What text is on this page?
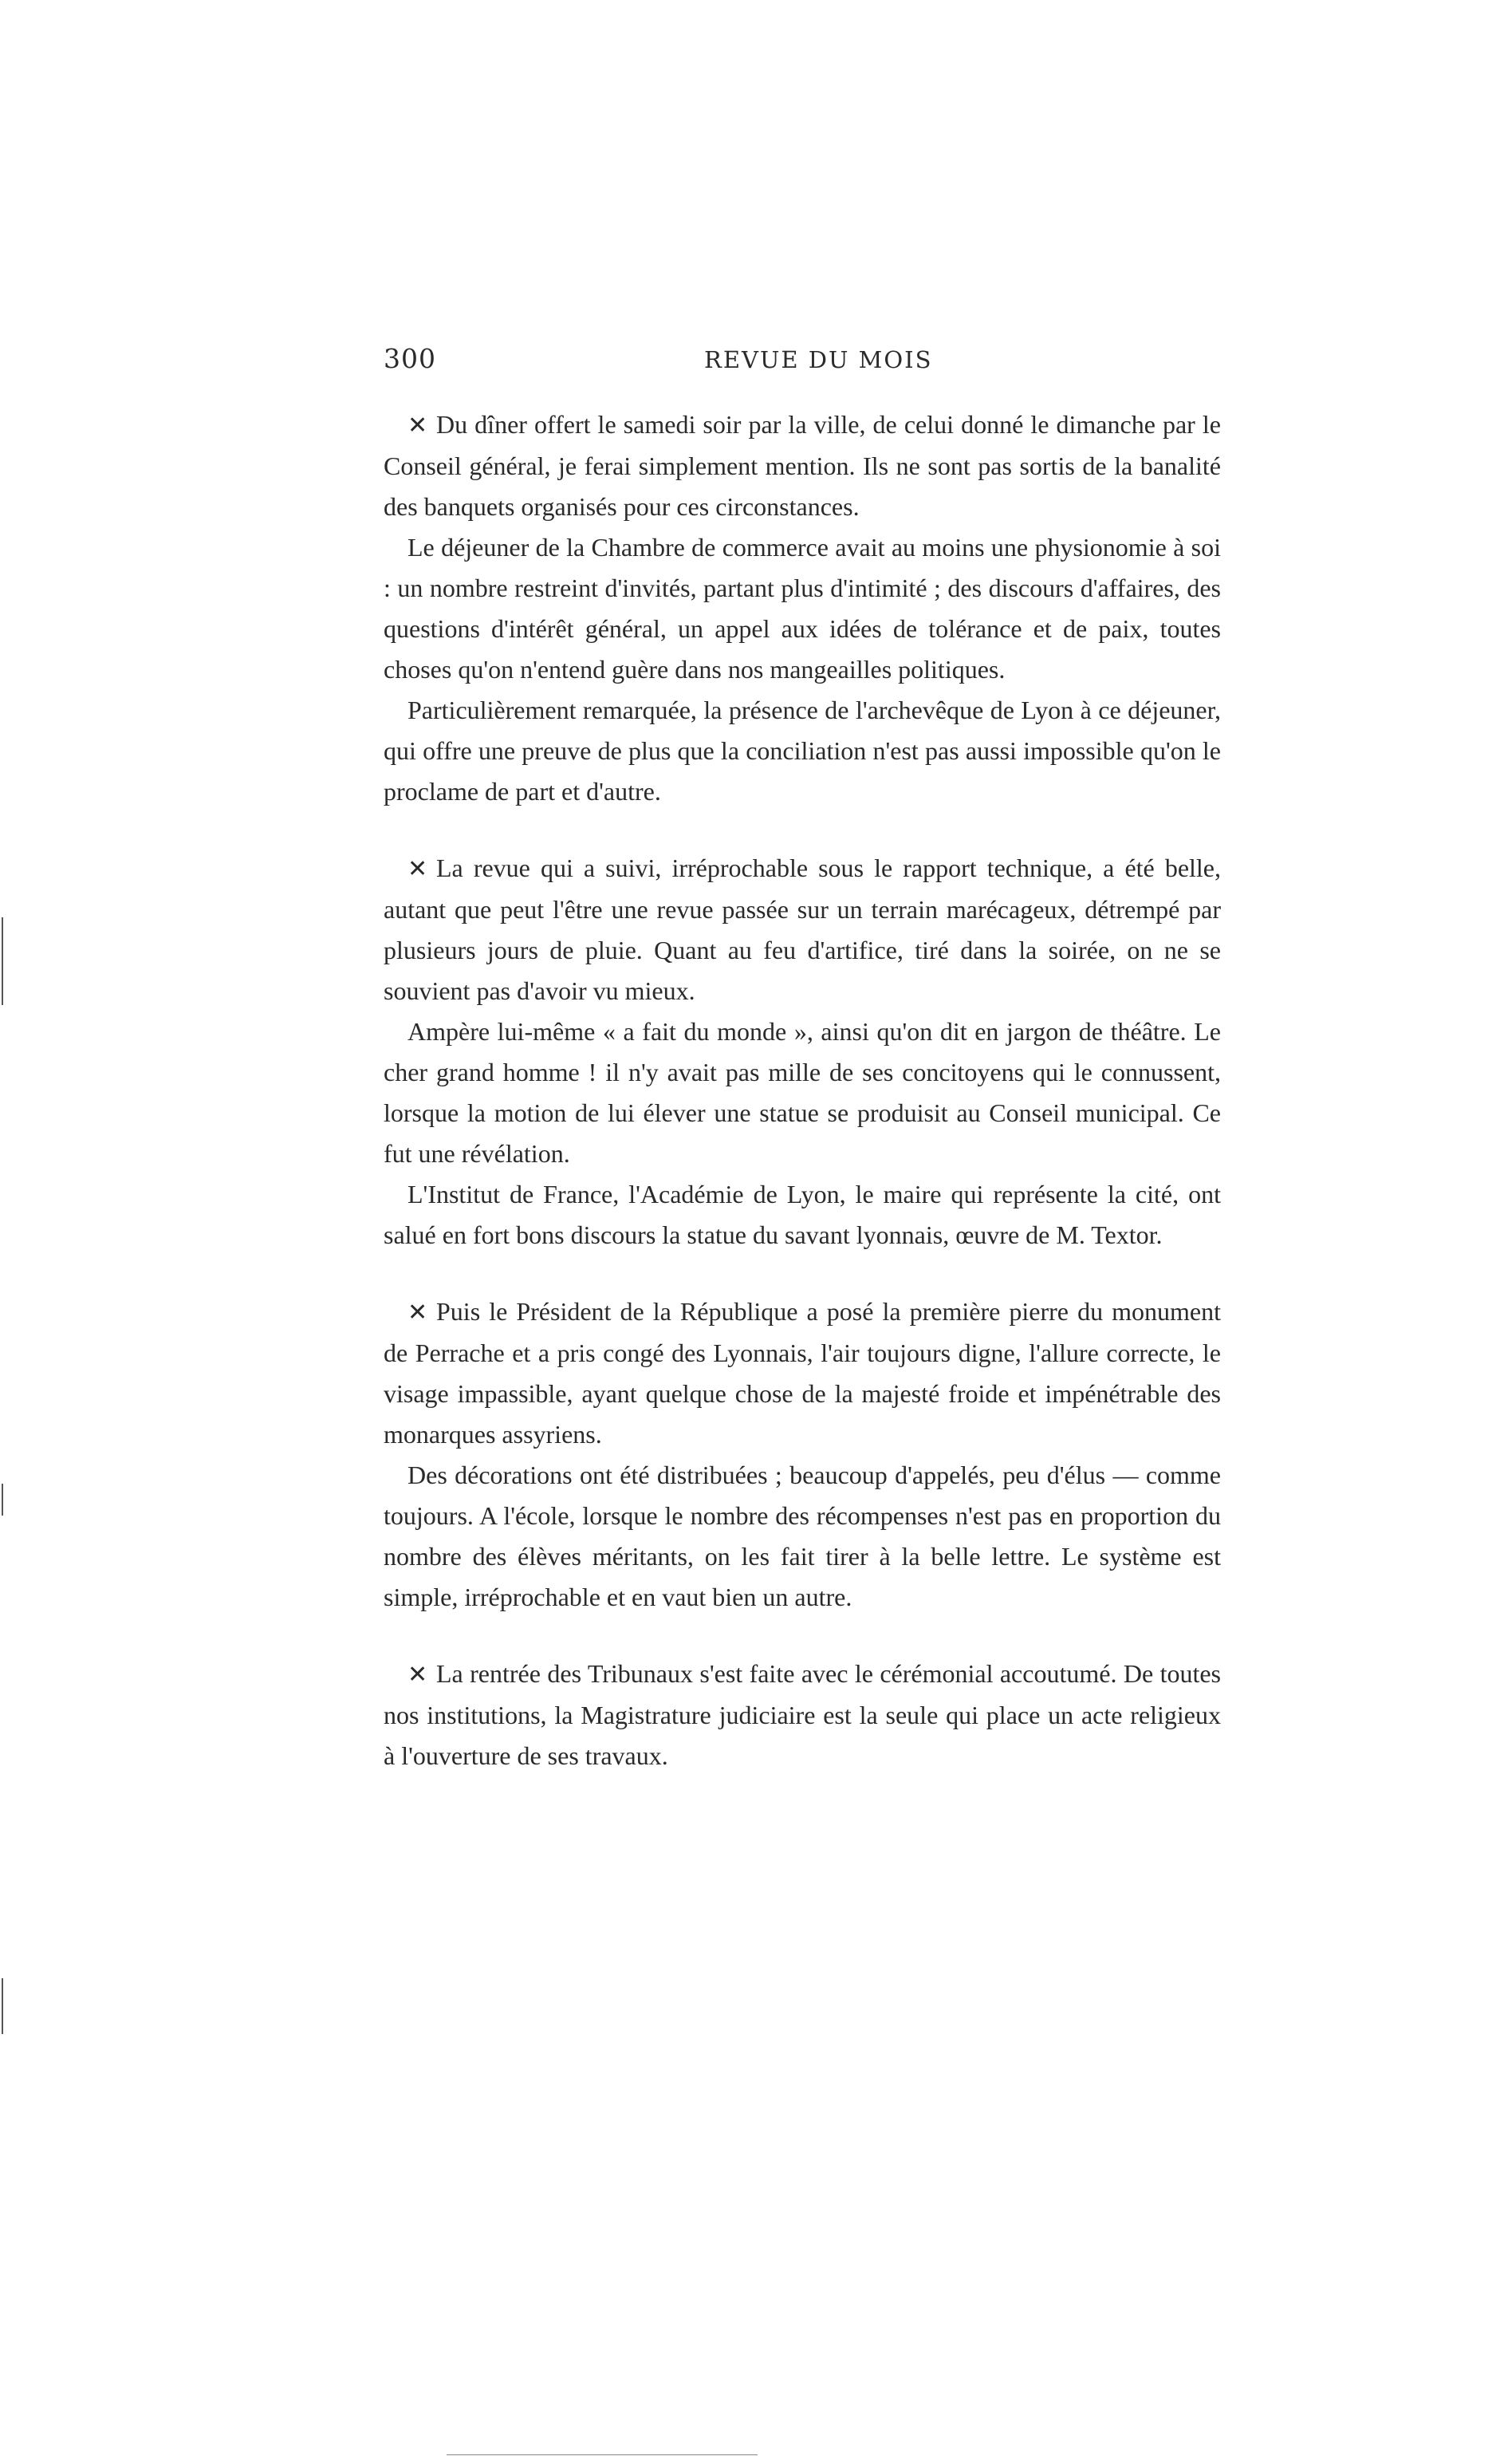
300	REVUE DU MOIS

✕ Du dîner offert le samedi soir par la ville, de celui donné le dimanche par le Conseil général, je ferai simplement mention. Ils ne sont pas sortis de la banalité des banquets organisés pour ces circonstances.

Le déjeuner de la Chambre de commerce avait au moins une physionomie à soi : un nombre restreint d'invités, partant plus d'intimité ; des discours d'affaires, des questions d'intérêt général, un appel aux idées de tolérance et de paix, toutes choses qu'on n'entend guère dans nos mangeailles politiques.

Particulièrement remarquée, la présence de l'archevêque de Lyon à ce déjeuner, qui offre une preuve de plus que la conciliation n'est pas aussi impossible qu'on le proclame de part et d'autre.

✕ La revue qui a suivi, irréprochable sous le rapport technique, a été belle, autant que peut l'être une revue passée sur un terrain marécageux, détrempé par plusieurs jours de pluie. Quant au feu d'artifice, tiré dans la soirée, on ne se souvient pas d'avoir vu mieux.

Ampère lui-même « a fait du monde », ainsi qu'on dit en jargon de théâtre. Le cher grand homme ! il n'y avait pas mille de ses concitoyens qui le connussent, lorsque la motion de lui élever une statue se produisit au Conseil municipal. Ce fut une révélation.

L'Institut de France, l'Académie de Lyon, le maire qui représente la cité, ont salué en fort bons discours la statue du savant lyonnais, œuvre de M. Textor.

✕ Puis le Président de la République a posé la première pierre du monument de Perrache et a pris congé des Lyonnais, l'air toujours digne, l'allure correcte, le visage impassible, ayant quelque chose de la majesté froide et impénétrable des monarques assyriens.

Des décorations ont été distribuées ; beaucoup d'appelés, peu d'élus — comme toujours. A l'école, lorsque le nombre des récompenses n'est pas en proportion du nombre des élèves méritants, on les fait tirer à la belle lettre. Le système est simple, irréprochable et en vaut bien un autre.

✕ La rentrée des Tribunaux s'est faite avec le cérémonial accoutumé. De toutes nos institutions, la Magistrature judiciaire est la seule qui place un acte religieux à l'ouverture de ses travaux.
